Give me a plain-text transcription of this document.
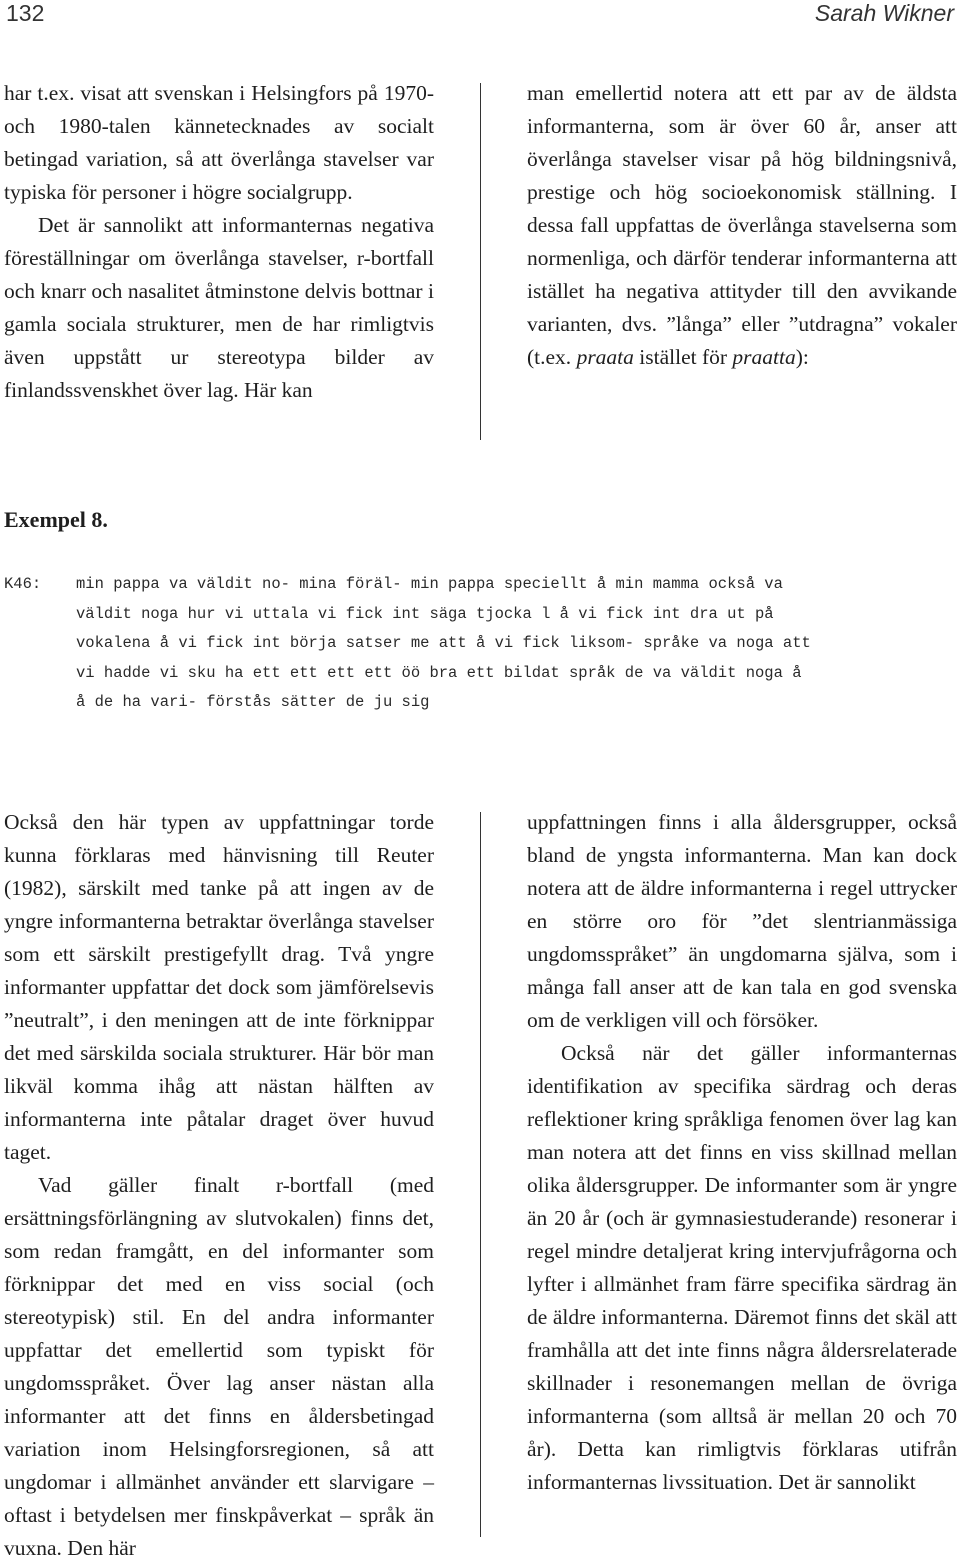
132	Sarah Wikner

har t.ex. visat att svenskan i Helsingfors på 1970- och 1980-talen kännetecknades av socialt betingad variation, så att överlånga stavelser var typiska för personer i högre socialgrupp.

Det är sannolikt att informanternas negativa föreställningar om överlånga stavelser, r-bortfall och knarr och nasalitet åtminstone delvis bottnar i gamla sociala strukturer, men de har rimligtvis även uppstått ur stereotypa bilder av finlandssvenskhet över lag. Här kan

man emellertid notera att ett par av de äldsta informanterna, som är över 60 år, anser att överlånga stavelser visar på hög bildningsnivå, prestige och hög socioekonomisk ställning. I dessa fall uppfattas de överlånga stavelserna som normenliga, och därför tenderar informanterna att istället ha negativa attityder till den avvikande varianten, dvs. ”långa” eller ”utdragna” vokaler (t.ex. praata istället för praatta):

Exempel 8.
K46: min pappa va väldit no- mina föräl- min pappa speciellt å min mamma också va
väldit noga hur vi uttala vi fick int säga tjocka l å vi fick int dra ut på
vokalena å vi fick int börja satser me att å vi fick liksom- språke va noga att
vi hadde vi sku ha ett ett ett ett öö bra ett bildat språk de va väldit noga å
å de ha vari- förstås sätter de ju sig

Också den här typen av uppfattningar torde kunna förklaras med hänvisning till Reuter (1982), särskilt med tanke på att ingen av de yngre informanterna betraktar överlånga stavelser som ett särskilt prestigefyllt drag. Två yngre informanter uppfattar det dock som jämförelsevis ”neutralt”, i den meningen att de inte förknippar det med särskilda sociala strukturer. Här bör man likväl komma ihåg att nästan hälften av informanterna inte påtalar draget över huvud taget.

Vad gäller finalt r-bortfall (med ersättningsförlängning av slutvokalen) finns det, som redan framgått, en del informanter som förknippar det med en viss social (och stereotypisk) stil. En del andra informanter uppfattar det emellertid som typiskt för ungdomsspråket. Över lag anser nästan alla informanter att det finns en åldersbetingad variation inom Helsingforsregionen, så att ungdomar i allmänhet använder ett slarvigare – oftast i betydelsen mer finskpåverkat – språk än vuxna. Den här

uppfattningen finns i alla åldersgrupper, också bland de yngsta informanterna. Man kan dock notera att de äldre informanterna i regel uttrycker en större oro för ”det slentrianmässiga ungdomsspråket” än ungdomarna själva, som i många fall anser att de kan tala en god svenska om de verkligen vill och försöker.

Också när det gäller informanternas identifikation av specifika särdrag och deras reflektioner kring språkliga fenomen över lag kan man notera att det finns en viss skillnad mellan olika åldersgrupper. De informanter som är yngre än 20 år (och är gymnasiestuderande) resonerar i regel mindre detaljerat kring intervjufrågorna och lyfter i allmänhet fram färre specifika särdrag än de äldre informanterna. Däremot finns det skäl att framhålla att det inte finns några åldersrelaterade skillnader i resonemangen mellan de övriga informanterna (som alltså är mellan 20 och 70 år). Detta kan rimligtvis förklaras utifrån informanternas livssituation. Det är sannolikt
